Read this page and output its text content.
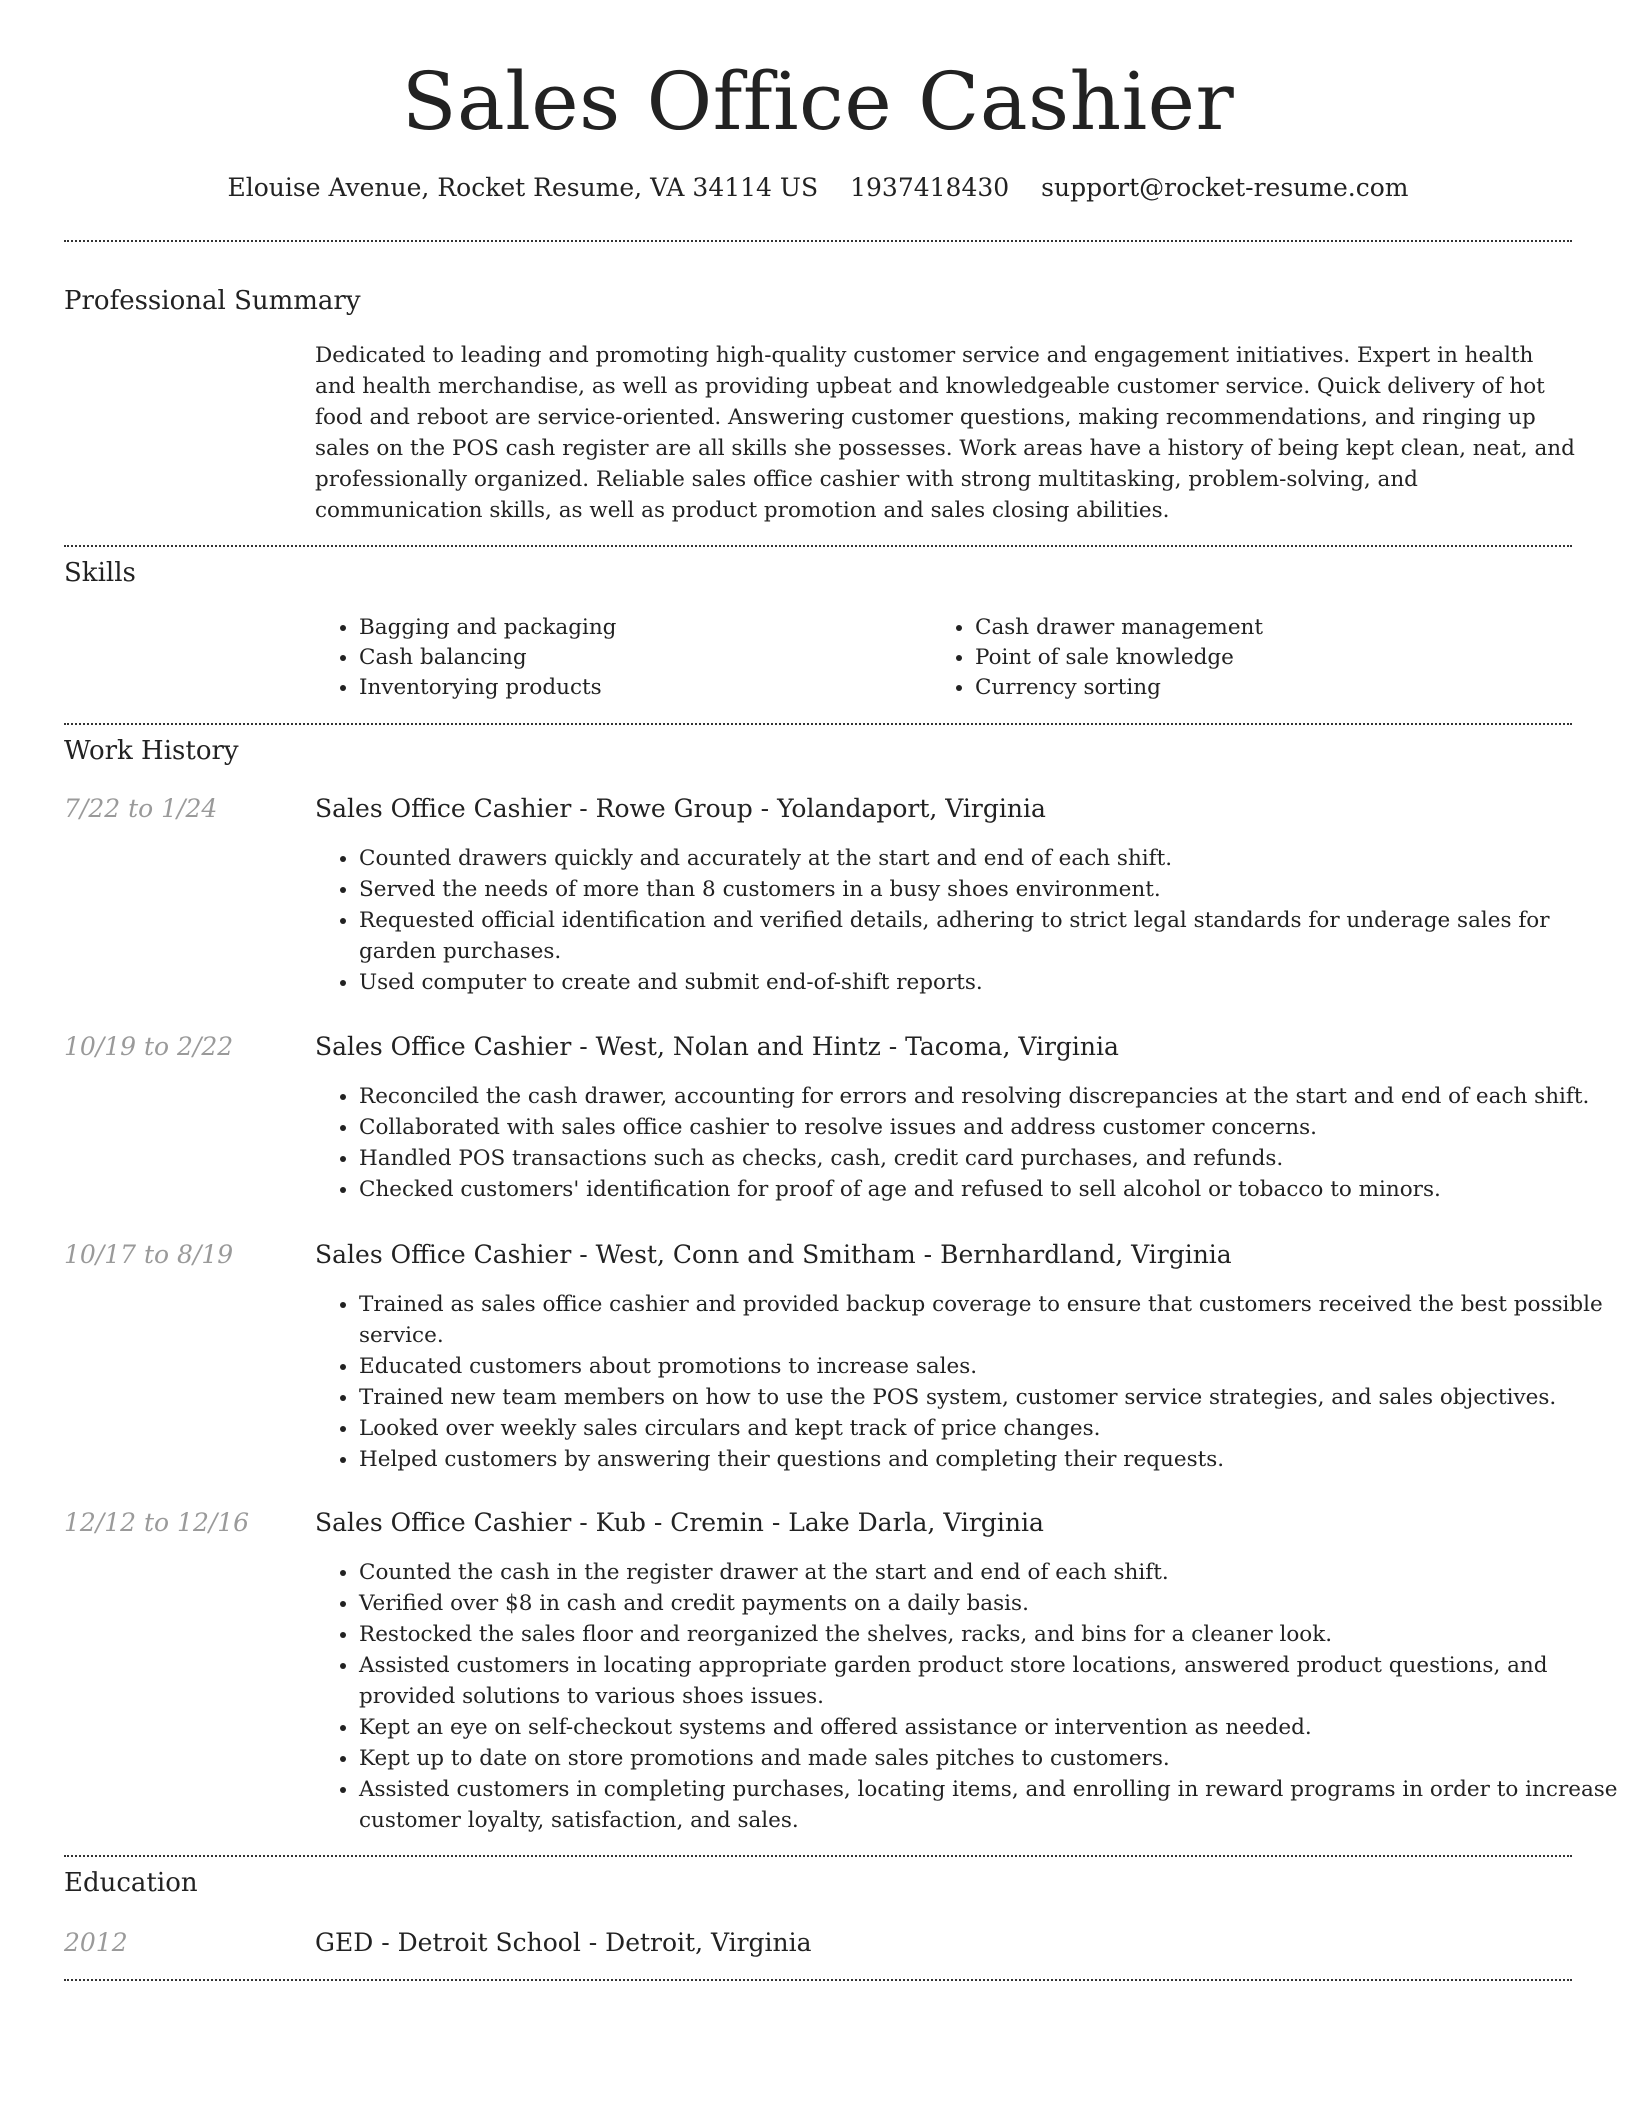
Sales Office Cashier
Elouise Avenue, Rocket Resume, VA 34114 US 1937418430 support@rocket-resume.com
Professional Summary

Dedicated to leading and promoting high-quality customer service and engagement initiatives. Expert in health and health merchandise, as well as providing upbeat and knowledgeable customer service. Quick delivery of hot food and reboot are service-oriented. Answering customer questions, making recommendations, and ringing up sales on the POS cash register are all skills she possesses. Work areas have a history of being kept clean, neat, and professionally organized. Reliable sales office cashier with strong multitasking, problem-solving, and communication skills, as well as product promotion and sales closing abilities.

Skills
• Bagging and packaging
• Cash balancing
• Inventorying products
• Cash drawer management
• Point of sale knowledge
• Currency sorting
Work History
7/22 to 1/24	Sales Office Cashier - Rowe Group - Yolandaport, Virginia
• Counted drawers quickly and accurately at the start and end of each shift.
• Served the needs of more than 8 customers in a busy shoes environment.
• Requested official identification and verified details, adhering to strict legal standards for underage sales for garden purchases.
• Used computer to create and submit end-of-shift reports.
10/19 to 2/22	Sales Office Cashier - West, Nolan and Hintz - Tacoma, Virginia
• Reconciled the cash drawer, accounting for errors and resolving discrepancies at the start and end of each shift.
• Collaborated with sales office cashier to resolve issues and address customer concerns.
• Handled POS transactions such as checks, cash, credit card purchases, and refunds.
• Checked customers' identification for proof of age and refused to sell alcohol or tobacco to minors.
10/17 to 8/19	Sales Office Cashier - West, Conn and Smitham - Bernhardland, Virginia
• Trained as sales office cashier and provided backup coverage to ensure that customers received the best possible service.
• Educated customers about promotions to increase sales.
• Trained new team members on how to use the POS system, customer service strategies, and sales objectives.
• Looked over weekly sales circulars and kept track of price changes.
• Helped customers by answering their questions and completing their requests.
12/12 to 12/16	Sales Office Cashier - Kub - Cremin - Lake Darla, Virginia
• Counted the cash in the register drawer at the start and end of each shift.
• Verified over $8 in cash and credit payments on a daily basis.
• Restocked the sales floor and reorganized the shelves, racks, and bins for a cleaner look.
• Assisted customers in locating appropriate garden product store locations, answered product questions, and provided solutions to various shoes issues.
• Kept an eye on self-checkout systems and offered assistance or intervention as needed.
• Kept up to date on store promotions and made sales pitches to customers.
• Assisted customers in completing purchases, locating items, and enrolling in reward programs in order to increase customer loyalty, satisfaction, and sales.
Education
2012	GED - Detroit School - Detroit, Virginia
